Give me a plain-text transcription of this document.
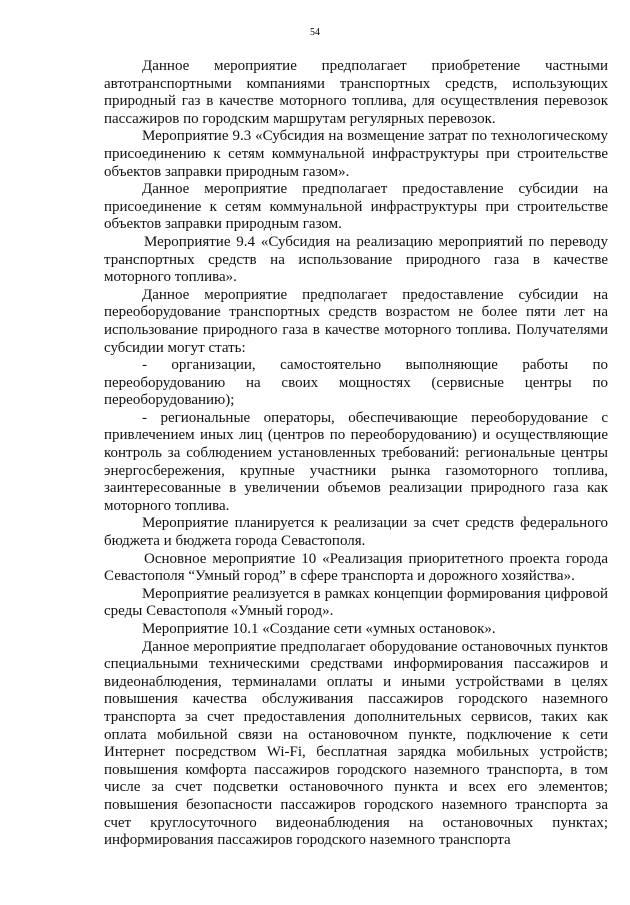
54

Данное мероприятие предполагает приобретение частными автотранспортными компаниями транспортных средств, использующих природный газ в качестве моторного топлива, для осуществления перевозок пассажиров по городским маршрутам регулярных перевозок.

Мероприятие 9.3 «Субсидия на возмещение затрат по технологическому присоединению к сетям коммунальной инфраструктуры при строительстве объектов заправки природным газом».

Данное мероприятие предполагает предоставление субсидии на присоединение к сетям коммунальной инфраструктуры при строительстве объектов заправки природным газом.

Мероприятие 9.4 «Субсидия на реализацию мероприятий по переводу транспортных средств на использование природного газа в качестве моторного топлива».

Данное мероприятие предполагает предоставление субсидии на переоборудование транспортных средств возрастом не более пяти лет на использование природного газа в качестве моторного топлива. Получателями субсидии могут стать:

- организации, самостоятельно выполняющие работы по переоборудованию на своих мощностях (сервисные центры по переоборудованию);

- региональные операторы, обеспечивающие переоборудование с привлечением иных лиц (центров по переоборудованию) и осуществляющие контроль за соблюдением установленных требований: региональные центры энергосбережения, крупные участники рынка газомоторного топлива, заинтересованные в увеличении объемов реализации природного газа как моторного топлива.

Мероприятие планируется к реализации за счет средств федерального бюджета и бюджета города Севастополя.

Основное мероприятие 10 «Реализация приоритетного проекта города Севастополя “Умный город” в сфере транспорта и дорожного хозяйства».

Мероприятие реализуется в рамках концепции формирования цифровой среды Севастополя «Умный город».

Мероприятие 10.1 «Создание сети «умных остановок».

Данное мероприятие предполагает оборудование остановочных пунктов специальными техническими средствами информирования пассажиров и видеонаблюдения, терминалами оплаты и иными устройствами в целях повышения качества обслуживания пассажиров городского наземного транспорта за счет предоставления дополнительных сервисов, таких как оплата мобильной связи на остановочном пункте, подключение к сети Интернет посредством Wi-Fi, бесплатная зарядка мобильных устройств; повышения комфорта пассажиров городского наземного транспорта, в том числе за счет подсветки остановочного пункта и всех его элементов; повышения безопасности пассажиров городского наземного транспорта за счет круглосуточного видеонаблюдения на остановочных пунктах; информирования пассажиров городского наземного транспорта
